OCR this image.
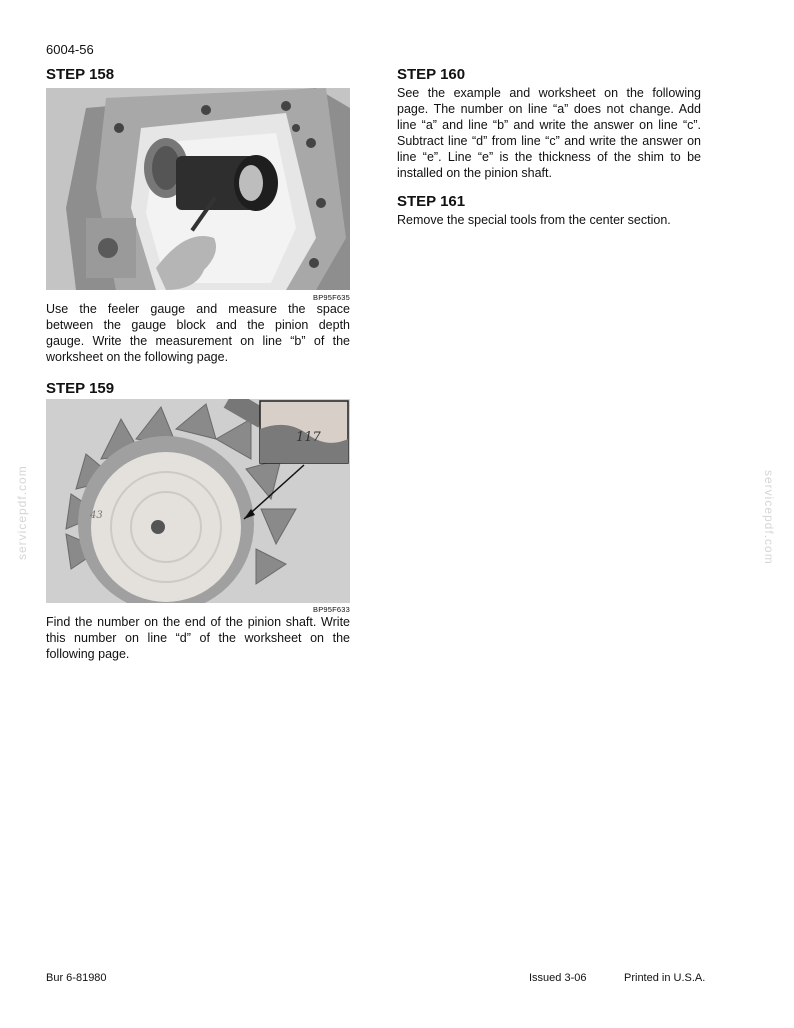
6004-56
STEP 158
BP95F635
Use the feeler gauge and measure the space
between the gauge block and the pinion depth
gauge. Write the measurement on line “b” of the
worksheet on the following page.
STEP 159
117
43
BP95F633
Find the number on the end of the pinion shaft. Write
this number on line “d” of the worksheet on the
following page.
STEP 160
See the example and worksheet on the following
page. The number on line “a” does not change. Add
line “a” and line “b” and write the answer on line “c”.
Subtract line “d” from line “c” and write the answer on
line “e”. Line “e” is the thickness of the shim to be
installed on the pinion shaft.
STEP 161
Remove the special tools from the center section.
servicepdf.com	servicepdf.com
Bur 6-81980	Issued 3-06	Printed in U.S.A.
